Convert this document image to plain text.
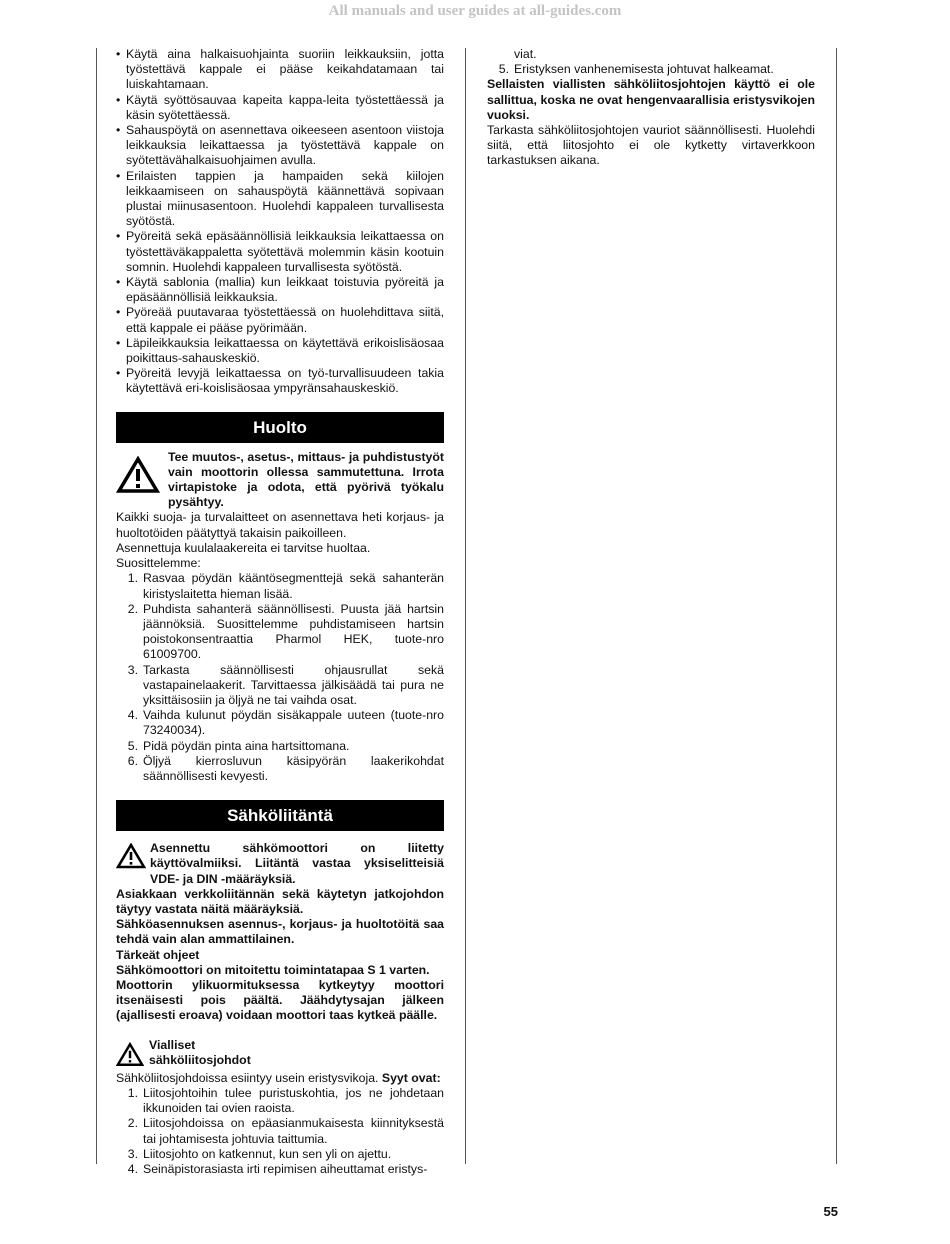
All manuals and user guides at all-guides.com
• Käytä aina halkaisuohjainta suoriin leikkauksiin, jotta työstettävä kappale ei pääse keikahdatamaan tai luiskahtamaan.
• Käytä syöttösauvaa kapeita kappa-leita työstettäessä ja käsin syötettäessä.
• Sahauspöytä on asennettava oikeeseen asentoon viistoja leikkauksia leikattaessa ja työstettävä kappale on syötettävähalkaisuohjaimen avulla.
• Erilaisten tappien ja hampaiden sekä kiilojen leikkaamiseen on sahauspöytä käännettävä sopivaan plustai miinusasentoon. Huolehdi kappaleen turvallisesta syötöstä.
• Pyöreitä sekä epäsäännöllisiä leikkauksia leikattaessa on työstettäväkappaletta syötettävä molemmin käsin kootuin somnin. Huolehdi kappaleen turvallisesta syötöstä.
• Käytä sablonia (mallia) kun leikkaat toistuvia pyöreitä ja epäsäännöllisiä leikkauksia.
• Pyöreää puutavaraa työstettäessä on huolehdittava siitä, että kappale ei pääse pyörimään.
• Läpileikkauksia leikattaessa on käytettävä erikoislisäosaa poikittaus-sahauskeskiö.
• Pyöreitä levyjä leikattaessa on työ-turvallisuudeen takia käytettävä eri-koislisäosaa ympyränsahauskeskiö.
Huolto

Tee muutos-, asetus-, mittaus- ja puhdistustyöt vain moottorin ollessa sammutettuna. Irrota virtapistoke ja odota, että pyörivä työkalu pysähtyy.

Kaikki suoja- ja turvalaitteet on asennettava heti korjaus- ja huoltotöiden päätyttyä takaisin paikoilleen.

Asennettuja kuulalaakereita ei tarvitse huoltaa.

Suosittelemme:

1. Rasvaa pöydän kääntösegmenttejä sekä sahanterän kiristyslaitetta hieman lisää.
2. Puhdista sahanterä säännöllisesti. Puusta jää hartsin jäännöksiä. Suosittelemme puhdistamiseen hartsin poistokonsentraattia Pharmol HEK, tuote-nro 61009700.
3. Tarkasta säännöllisesti ohjausrullat sekä vastapainelaakerit. Tarvittaessa jälkisäädä tai pura ne yksittäisosiin ja öljyä ne tai vaihda osat.
4. Vaihda kulunut pöydän sisäkappale uuteen (tuote-nro 73240034).
5. Pidä pöydän pinta aina hartsittomana.
6. Öljyä kierrosluvun käsipyörän laakerikohdat säännöllisesti kevyesti.
Sähköliitäntä

Asennettu sähkömoottori on liitetty käyttövalmiiksi. Liitäntä vastaa yksiselitteisiä VDE- ja DIN -määräyksiä.

Asiakkaan verkkoliitännän sekä käytetyn jatkojohdon täytyy vastata näitä määräyksiä.

Sähköasennuksen asennus-, korjaus- ja huoltotöitä saa tehdä vain alan ammattilainen.

Tärkeät ohjeet

Sähkömoottori on mitoitettu toimintatapaa S 1 varten.

Moottorin ylikuormituksessa kytkeytyy moottori itsenäisesti pois päältä. Jäähdytysajan jälkeen (ajallisesti eroava) voidaan moottori taas kytkeä päälle.

Vialliset
sähköliitosjohdot

Sähköliitosjohdoissa esiintyy usein eristysvikoja. Syyt ovat:

1. Liitosjohtoihin tulee puristuskohtia, jos ne johdetaan ikkunoiden tai ovien raoista.
2. Liitosjohdoissa on epäasianmukaisesta kiinnityksestä tai johtamisesta johtuvia taittumia.
3. Liitosjohto on katkennut, kun sen yli on ajettu.
4. Seinäpistorasiasta irti repimisen aiheuttamat eristys-
viat.
5. Eristyksen vanhenemisesta johtuvat halkeamat.

Sellaisten viallisten sähköliitosjohtojen käyttö ei ole sallittua, koska ne ovat hengenvaarallisia eristysvikojen vuoksi.

Tarkasta sähköliitosjohtojen vauriot säännöllisesti. Huolehdi siitä, että liitosjohto ei ole kytketty virtaverkkoon tarkastuksen aikana.

55
